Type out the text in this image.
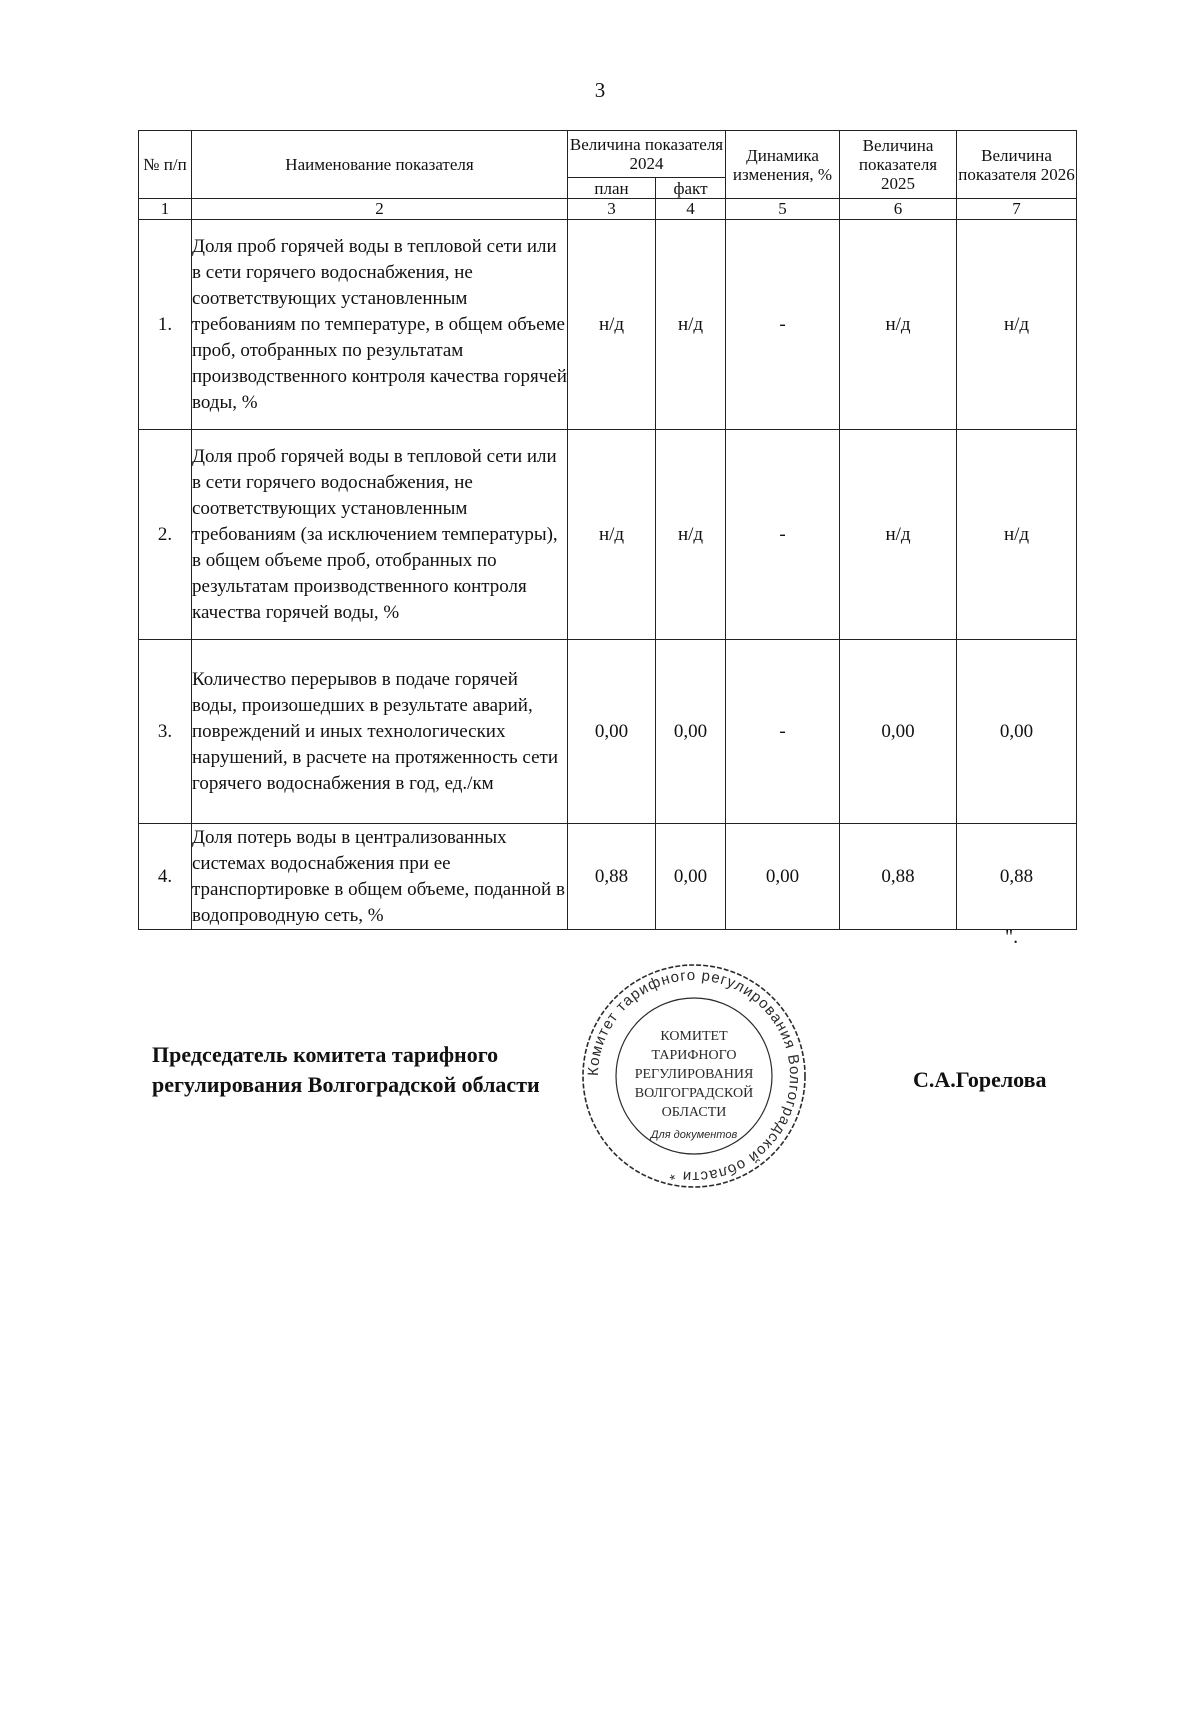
3
№ п/п	Наименование показателя	Величина показателя 2024		Динамика изменения, %	Величина показателя 2025	Величина показателя 2026
		план	факт			
1	2	3	4	5	6	7
1.	Доля проб горячей воды в тепловой сети или в сети горячего водоснабжения, не соответствующих установленным требованиям по температуре, в общем объеме проб, отобранных по результатам производственного контроля качества горячей воды, %	н/д	н/д	-	н/д	н/д
2.	Доля проб горячей воды в тепловой сети или в сети горячего водоснабжения, не соответствующих установленным требованиям (за исключением температуры), в общем объеме проб, отобранных по результатам производственного контроля качества горячей воды, %	н/д	н/д	-	н/д	н/д
3.	Количество перерывов в подаче горячей воды, произошедших в результате аварий, повреждений и иных технологических нарушений, в расчете на протяженность сети горячего водоснабжения в год, ед./км	0,00	0,00	-	0,00	0,00
4.	Доля потерь воды в централизованных системах водоснабжения при ее транспортировке в общем объеме, поданной в водопроводную сеть, %	0,88	0,00	0,00	0,88	0,88
".
Председатель комитета тарифного
регулирования Волгоградской области
Комитет тарифного регулирования Волгоградской области *
КОМИТЕТ
ТАРИФНОГО
РЕГУЛИРОВАНИЯ
ВОЛГОГРАДСКОЙ
ОБЛАСТИ
Для документов
С.А.Горелова
